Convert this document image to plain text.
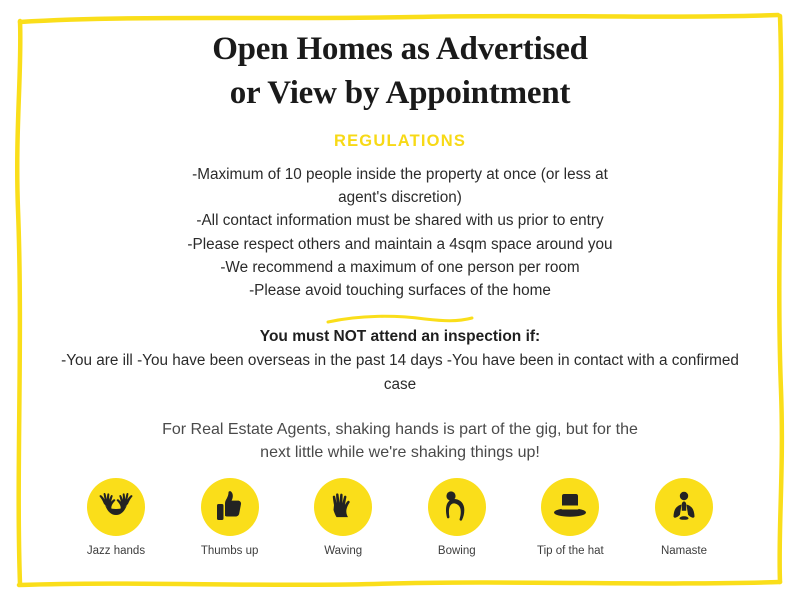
Open Homes as Advertised
or View by Appointment
REGULATIONS
-Maximum of 10 people inside the property at once (or less at
agent's discretion)
-All contact information must be shared with us prior to entry
-Please respect others and maintain a 4sqm space around you
-We recommend a maximum of one person per room
-Please avoid touching surfaces of the home
You must NOT attend an inspection if:
-You are ill -You have been overseas in the past 14 days -You have been in contact with a confirmed case
For Real Estate Agents, shaking hands is part of the gig, but for the
next little while we're shaking things up!
Jazz hands	Thumbs up	Waving	Bowing	Tip of the hat	Namaste
